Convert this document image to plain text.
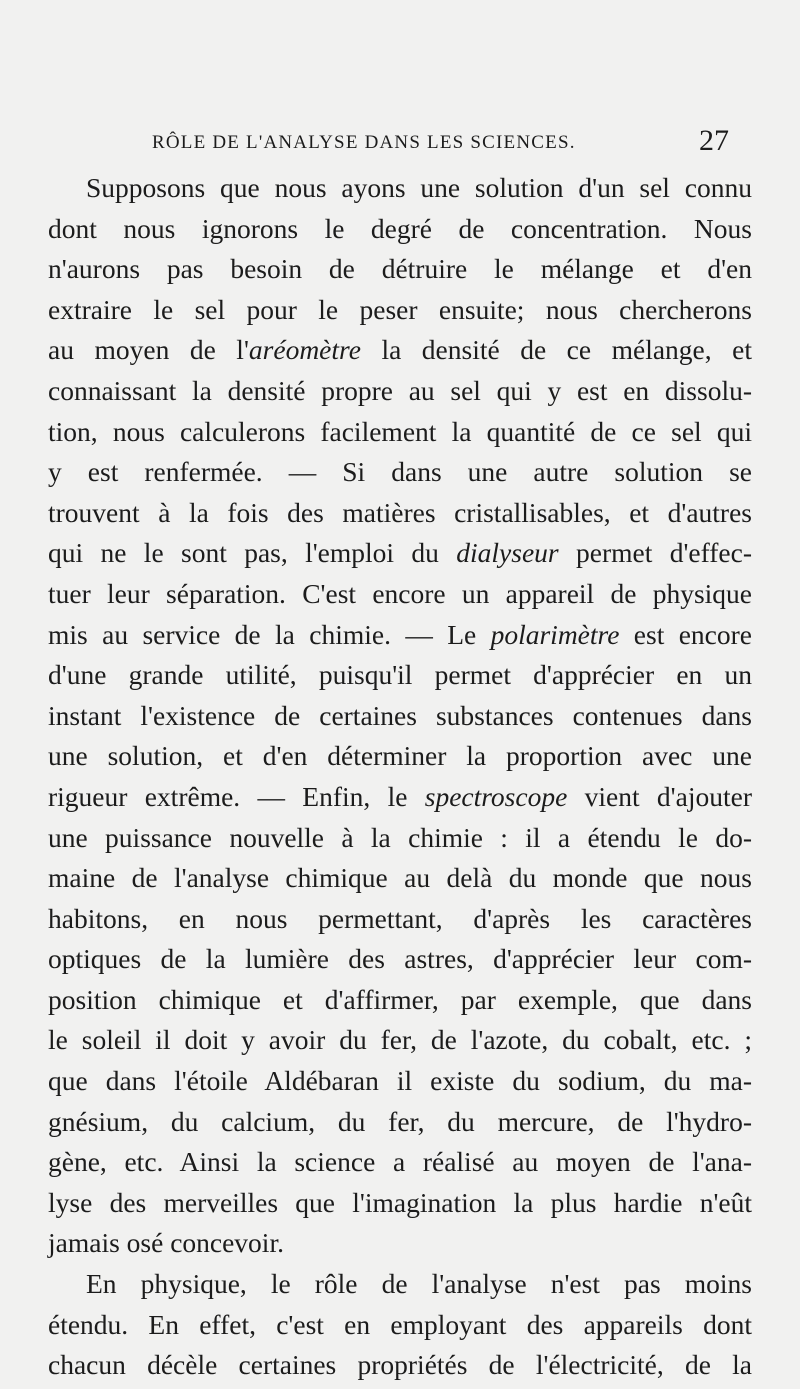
RÔLE DE L'ANALYSE DANS LES SCIENCES.	27
Supposons que nous ayons une solution d'un sel connu
dont nous ignorons le degré de concentration. Nous
n'aurons pas besoin de détruire le mélange et d'en
extraire le sel pour le peser ensuite; nous chercherons
au moyen de l'aréomètre la densité de ce mélange, et
connaissant la densité propre au sel qui y est en dissolu-
tion, nous calculerons facilement la quantité de ce sel qui
y est renfermée. — Si dans une autre solution se
trouvent à la fois des matières cristallisables, et d'autres
qui ne le sont pas, l'emploi du dialyseur permet d'effec-
tuer leur séparation. C'est encore un appareil de physique
mis au service de la chimie. — Le polarimètre est encore
d'une grande utilité, puisqu'il permet d'apprécier en un
instant l'existence de certaines substances contenues dans
une solution, et d'en déterminer la proportion avec une
rigueur extrême. — Enfin, le spectroscope vient d'ajouter
une puissance nouvelle à la chimie : il a étendu le do-
maine de l'analyse chimique au delà du monde que nous
habitons, en nous permettant, d'après les caractères
optiques de la lumière des astres, d'apprécier leur com-
position chimique et d'affirmer, par exemple, que dans
le soleil il doit y avoir du fer, de l'azote, du cobalt, etc. ;
que dans l'étoile Aldébaran il existe du sodium, du ma-
gnésium, du calcium, du fer, du mercure, de l'hydro-
gène, etc. Ainsi la science a réalisé au moyen de l'ana-
lyse des merveilles que l'imagination la plus hardie n'eût
jamais osé concevoir.
En physique, le rôle de l'analyse n'est pas moins
étendu. En effet, c'est en employant des appareils dont
chacun décèle certaines propriétés de l'électricité, de la
